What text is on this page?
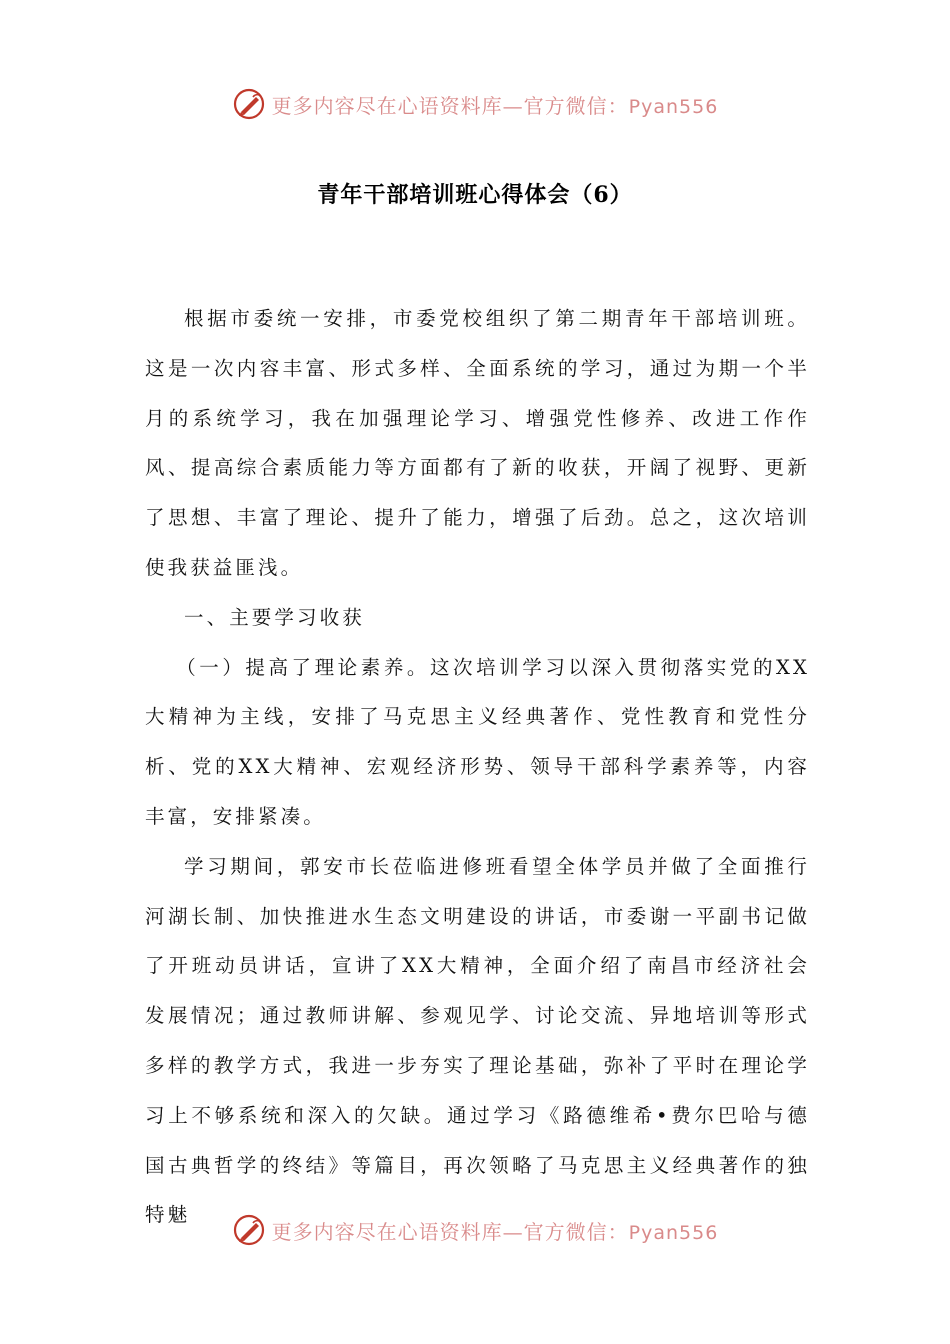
更多内容尽在心语资料库—官方微信：Pyan556
青年干部培训班心得体会（6）

根据市委统一安排，市委党校组织了第二期青年干部培训班。这是一次内容丰富、形式多样、全面系统的学习，通过为期一个半月的系统学习，我在加强理论学习、增强党性修养、改进工作作风、提高综合素质能力等方面都有了新的收获，开阔了视野、更新了思想、丰富了理论、提升了能力，增强了后劲。总之，这次培训使我获益匪浅。

一、主要学习收获

（一）提高了理论素养。这次培训学习以深入贯彻落实党的XX大精神为主线，安排了马克思主义经典著作、党性教育和党性分析、党的XX大精神、宏观经济形势、领导干部科学素养等，内容丰富，安排紧凑。

学习期间，郭安市长莅临进修班看望全体学员并做了全面推行河湖长制、加快推进水生态文明建设的讲话，市委谢一平副书记做了开班动员讲话，宣讲了XX大精神，全面介绍了南昌市经济社会发展情况；通过教师讲解、参观见学、讨论交流、异地培训等形式多样的教学方式，我进一步夯实了理论基础，弥补了平时在理论学习上不够系统和深入的欠缺。通过学习《路德维希•费尔巴哈与德国古典哲学的终结》等篇目，再次领略了马克思主义经典著作的独特魅

更多内容尽在心语资料库—官方微信：Pyan556
